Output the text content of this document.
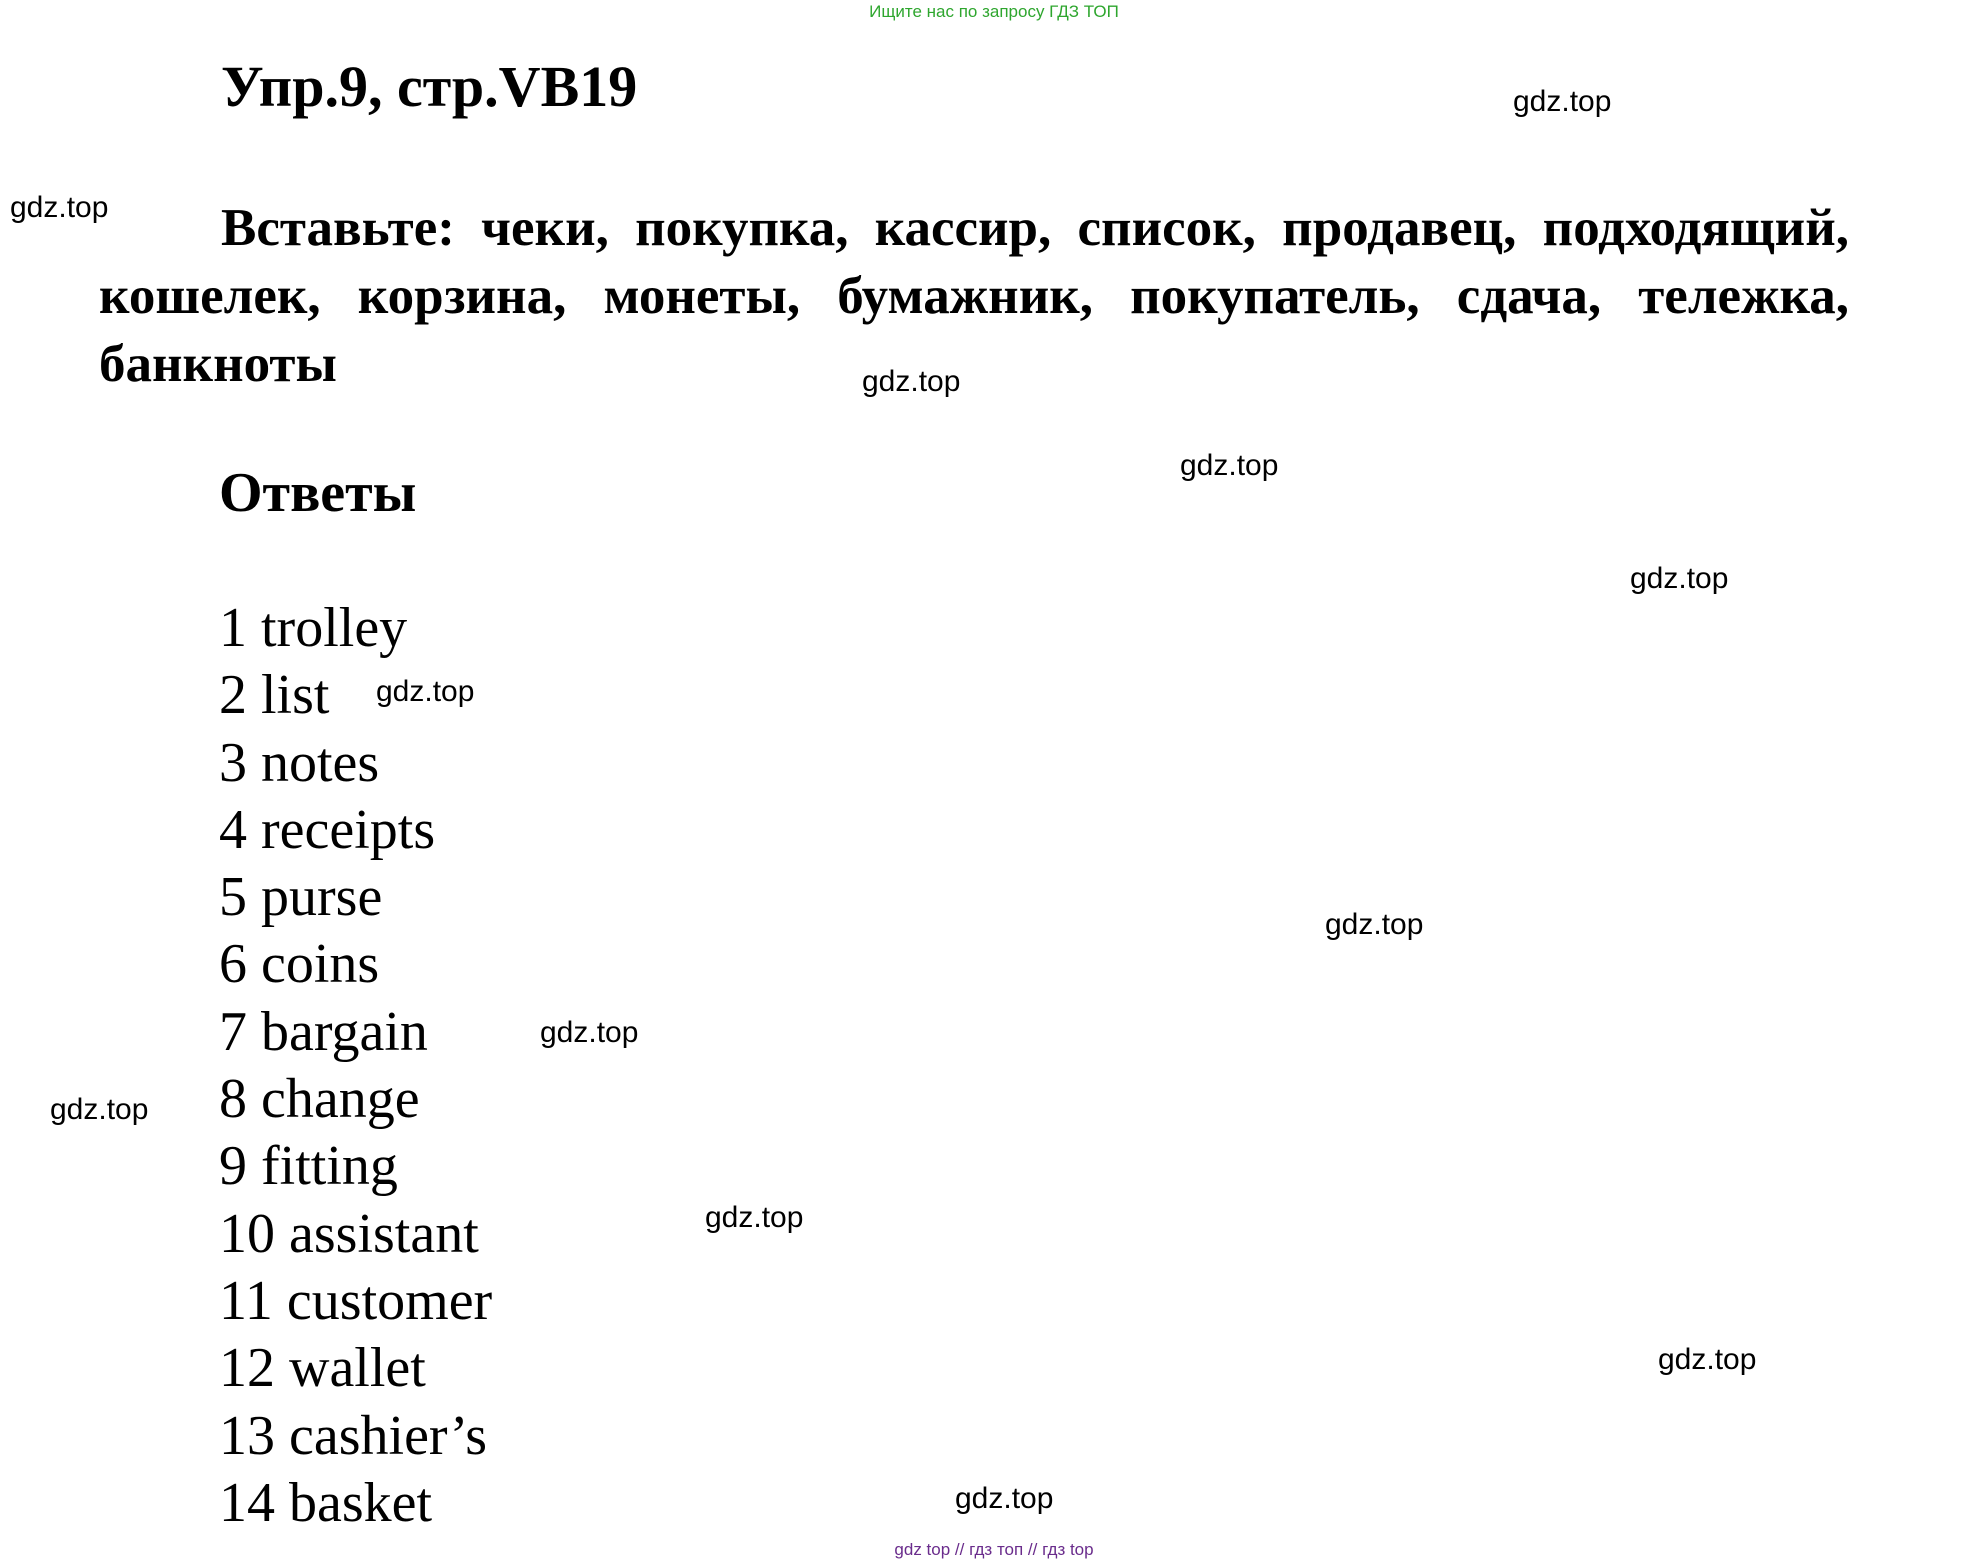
Ищите нас по запросу ГДЗ ТОП
Упр.9, стр.VB19

Вставьте: чеки, покупка, кассир, список, продавец, подходящий, кошелек, корзина, монеты, бумажник, покупатель, сдача, тележка, банкноты

Ответы
1 trolley
2 list
3 notes
4 receipts
5 purse
6 coins
7 bargain
8 change
9 fitting
10 assistant
11 customer
12 wallet
13 cashier’s
14 basket
gdz.top
gdz.top
gdz.top
gdz.top
gdz.top
gdz.top
gdz.top
gdz.top
gdz.top
gdz.top
gdz.top
gdz.top
gdz top // гдз топ // гдз top
